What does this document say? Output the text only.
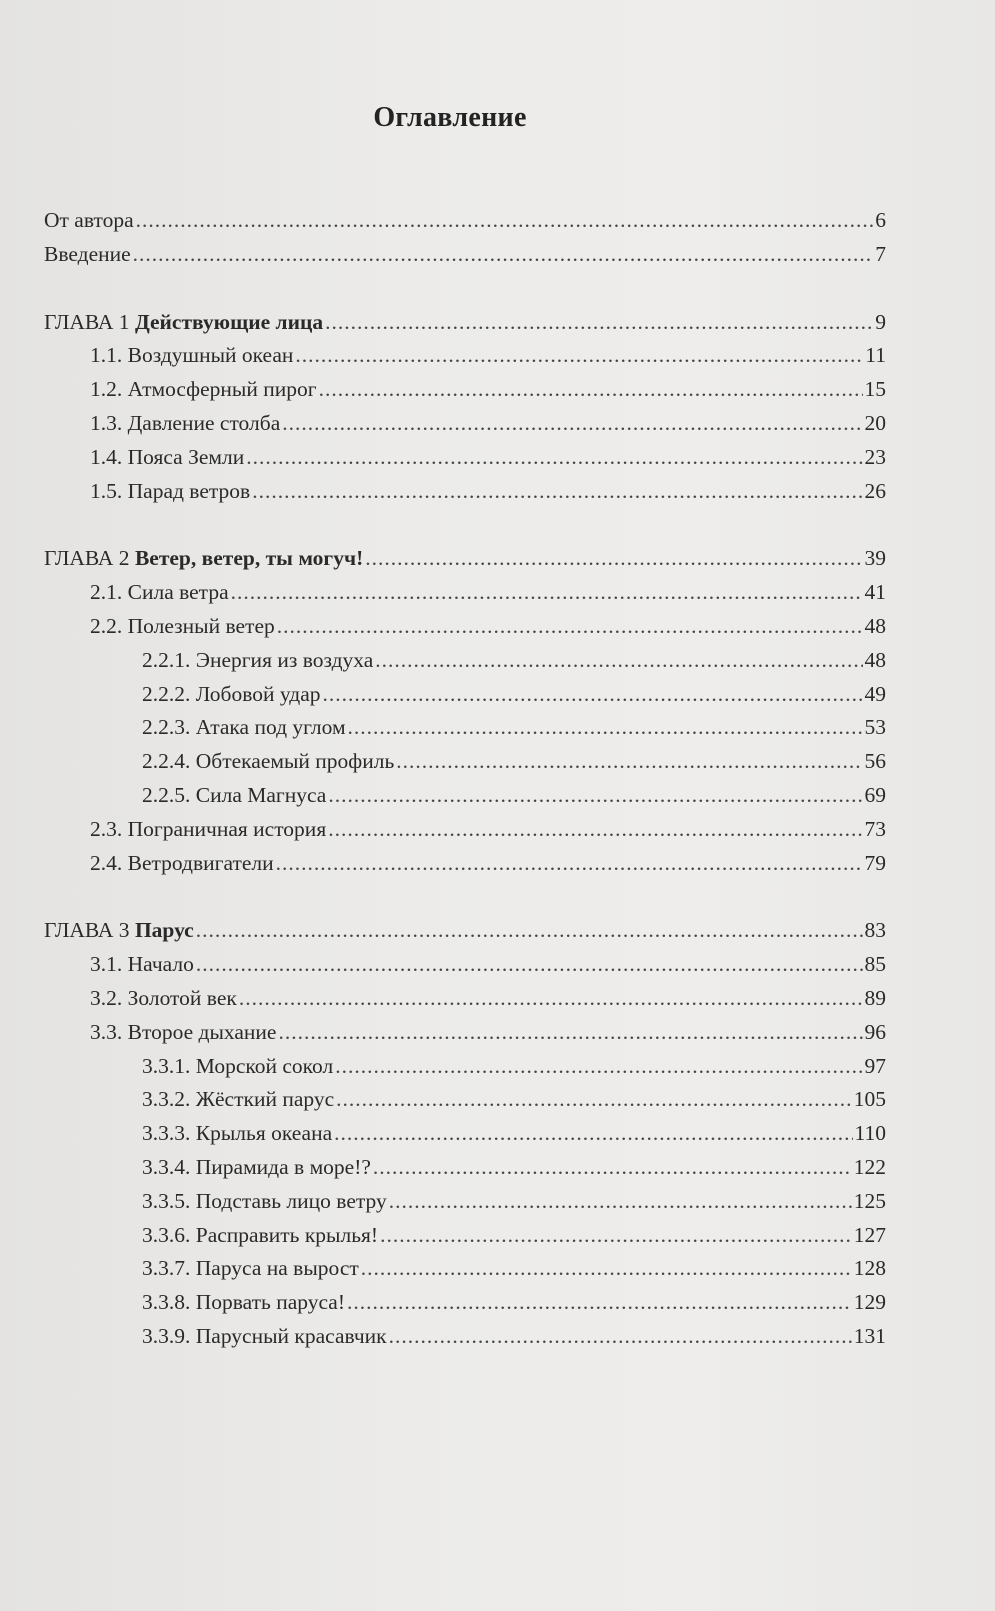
Оглавление
От автора .....	6
Введение .....	7
ГЛАВА 1 Действующие лица .....	9
1.1. Воздушный океан .....	11
1.2. Атмосферный пирог .....	15
1.3. Давление столба .....	20
1.4. Пояса Земли .....	23
1.5. Парад ветров .....	26
ГЛАВА 2 Ветер, ветер, ты могуч! .....	39
2.1. Сила ветра .....	41
2.2. Полезный ветер .....	48
2.2.1. Энергия из воздуха .....	48
2.2.2. Лобовой удар .....	49
2.2.3. Атака под углом .....	53
2.2.4. Обтекаемый профиль .....	56
2.2.5. Сила Магнуса .....	69
2.3. Пограничная история .....	73
2.4. Ветродвигатели .....	79
ГЛАВА 3 Парус .....	83
3.1. Начало .....	85
3.2. Золотой век .....	89
3.3. Второе дыхание .....	96
3.3.1. Морской сокол .....	97
3.3.2. Жёсткий парус .....	105
3.3.3. Крылья океана .....	110
3.3.4. Пирамида в море!? .....	122
3.3.5. Подставь лицо ветру .....	125
3.3.6. Расправить крылья! .....	127
3.3.7. Паруса на вырост .....	128
3.3.8. Порвать паруса! .....	129
3.3.9. Парусный красавчик .....	131
